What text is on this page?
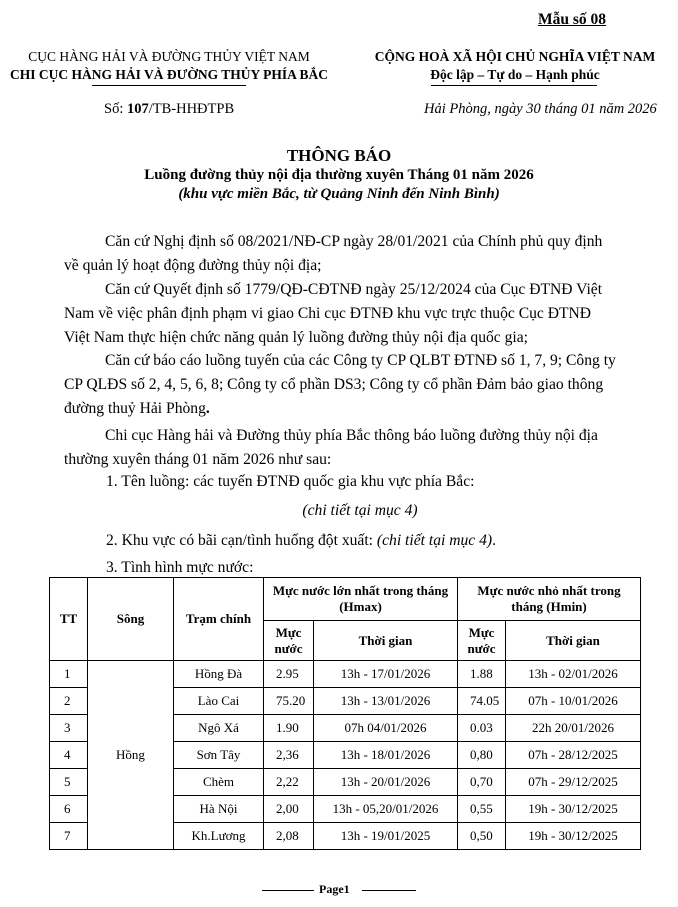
Mẫu số 08
CỤC HÀNG HẢI VÀ ĐƯỜNG THỦY VIỆT NAM
CHI CỤC HÀNG HẢI VÀ ĐƯỜNG THỦY PHÍA BẮC
CỘNG HOÀ XÃ HỘI CHỦ NGHĨA VIỆT NAM
Độc lập – Tự do – Hạnh phúc
Số: 107/TB-HHĐTPB	Hải Phòng, ngày 30 tháng 01 năm 2026
THÔNG BÁO
Luồng đường thủy nội địa thường xuyên Tháng 01 năm 2026
(khu vực miền Bắc, từ Quảng Ninh đến Ninh Bình)

Căn cứ Nghị định số 08/2021/NĐ-CP ngày 28/01/2021 của Chính phủ quy định về quản lý hoạt động đường thủy nội địa;

Căn cứ Quyết định số 1779/QĐ-CĐTNĐ ngày 25/12/2024 của Cục ĐTNĐ Việt Nam về việc phân định phạm vi giao Chi cục ĐTNĐ khu vực trực thuộc Cục ĐTNĐ Việt Nam thực hiện chức năng quản lý luồng đường thủy nội địa quốc gia;

Căn cứ báo cáo luồng tuyến của các Công ty CP QLBT ĐTNĐ số 1, 7, 9; Công ty CP QLĐS số 2, 4, 5, 6, 8; Công ty cổ phần DS3; Công ty cổ phần Đảm bảo giao thông đường thuỷ Hải Phòng.

Chi cục Hàng hải và Đường thủy phía Bắc thông báo luồng đường thủy nội địa thường xuyên tháng 01 năm 2026 như sau:

1. Tên luồng: các tuyến ĐTNĐ quốc gia khu vực phía Bắc:
(chi tiết tại mục 4)
2. Khu vực có bãi cạn/tình huống đột xuất: (chi tiết tại mục 4).
3. Tình hình mực nước:
TT	Sông	Trạm chính	Mực nước lớn nhất trong tháng (Hmax)		Mực nước nhỏ nhất trong tháng (Hmin)	
			Mực nước	Thời gian	Mực nước	Thời gian
1	Hồng	Hồng Đà	2.95	13h - 17/01/2026	1.88	13h - 02/01/2026
2		Lào Cai	75.20	13h - 13/01/2026	74.05	07h - 10/01/2026
3		Ngô Xá	1.90	07h 04/01/2026	0.03	22h 20/01/2026
4		Sơn Tây	2,36	13h - 18/01/2026	0,80	07h - 28/12/2025
5		Chèm	2,22	13h - 20/01/2026	0,70	07h - 29/12/2025
6		Hà Nội	2,00	13h - 05,20/01/2026	0,55	19h - 30/12/2025
7		Kh.Lương	2,08	13h - 19/01/2025	0,50	19h - 30/12/2025
Page1
